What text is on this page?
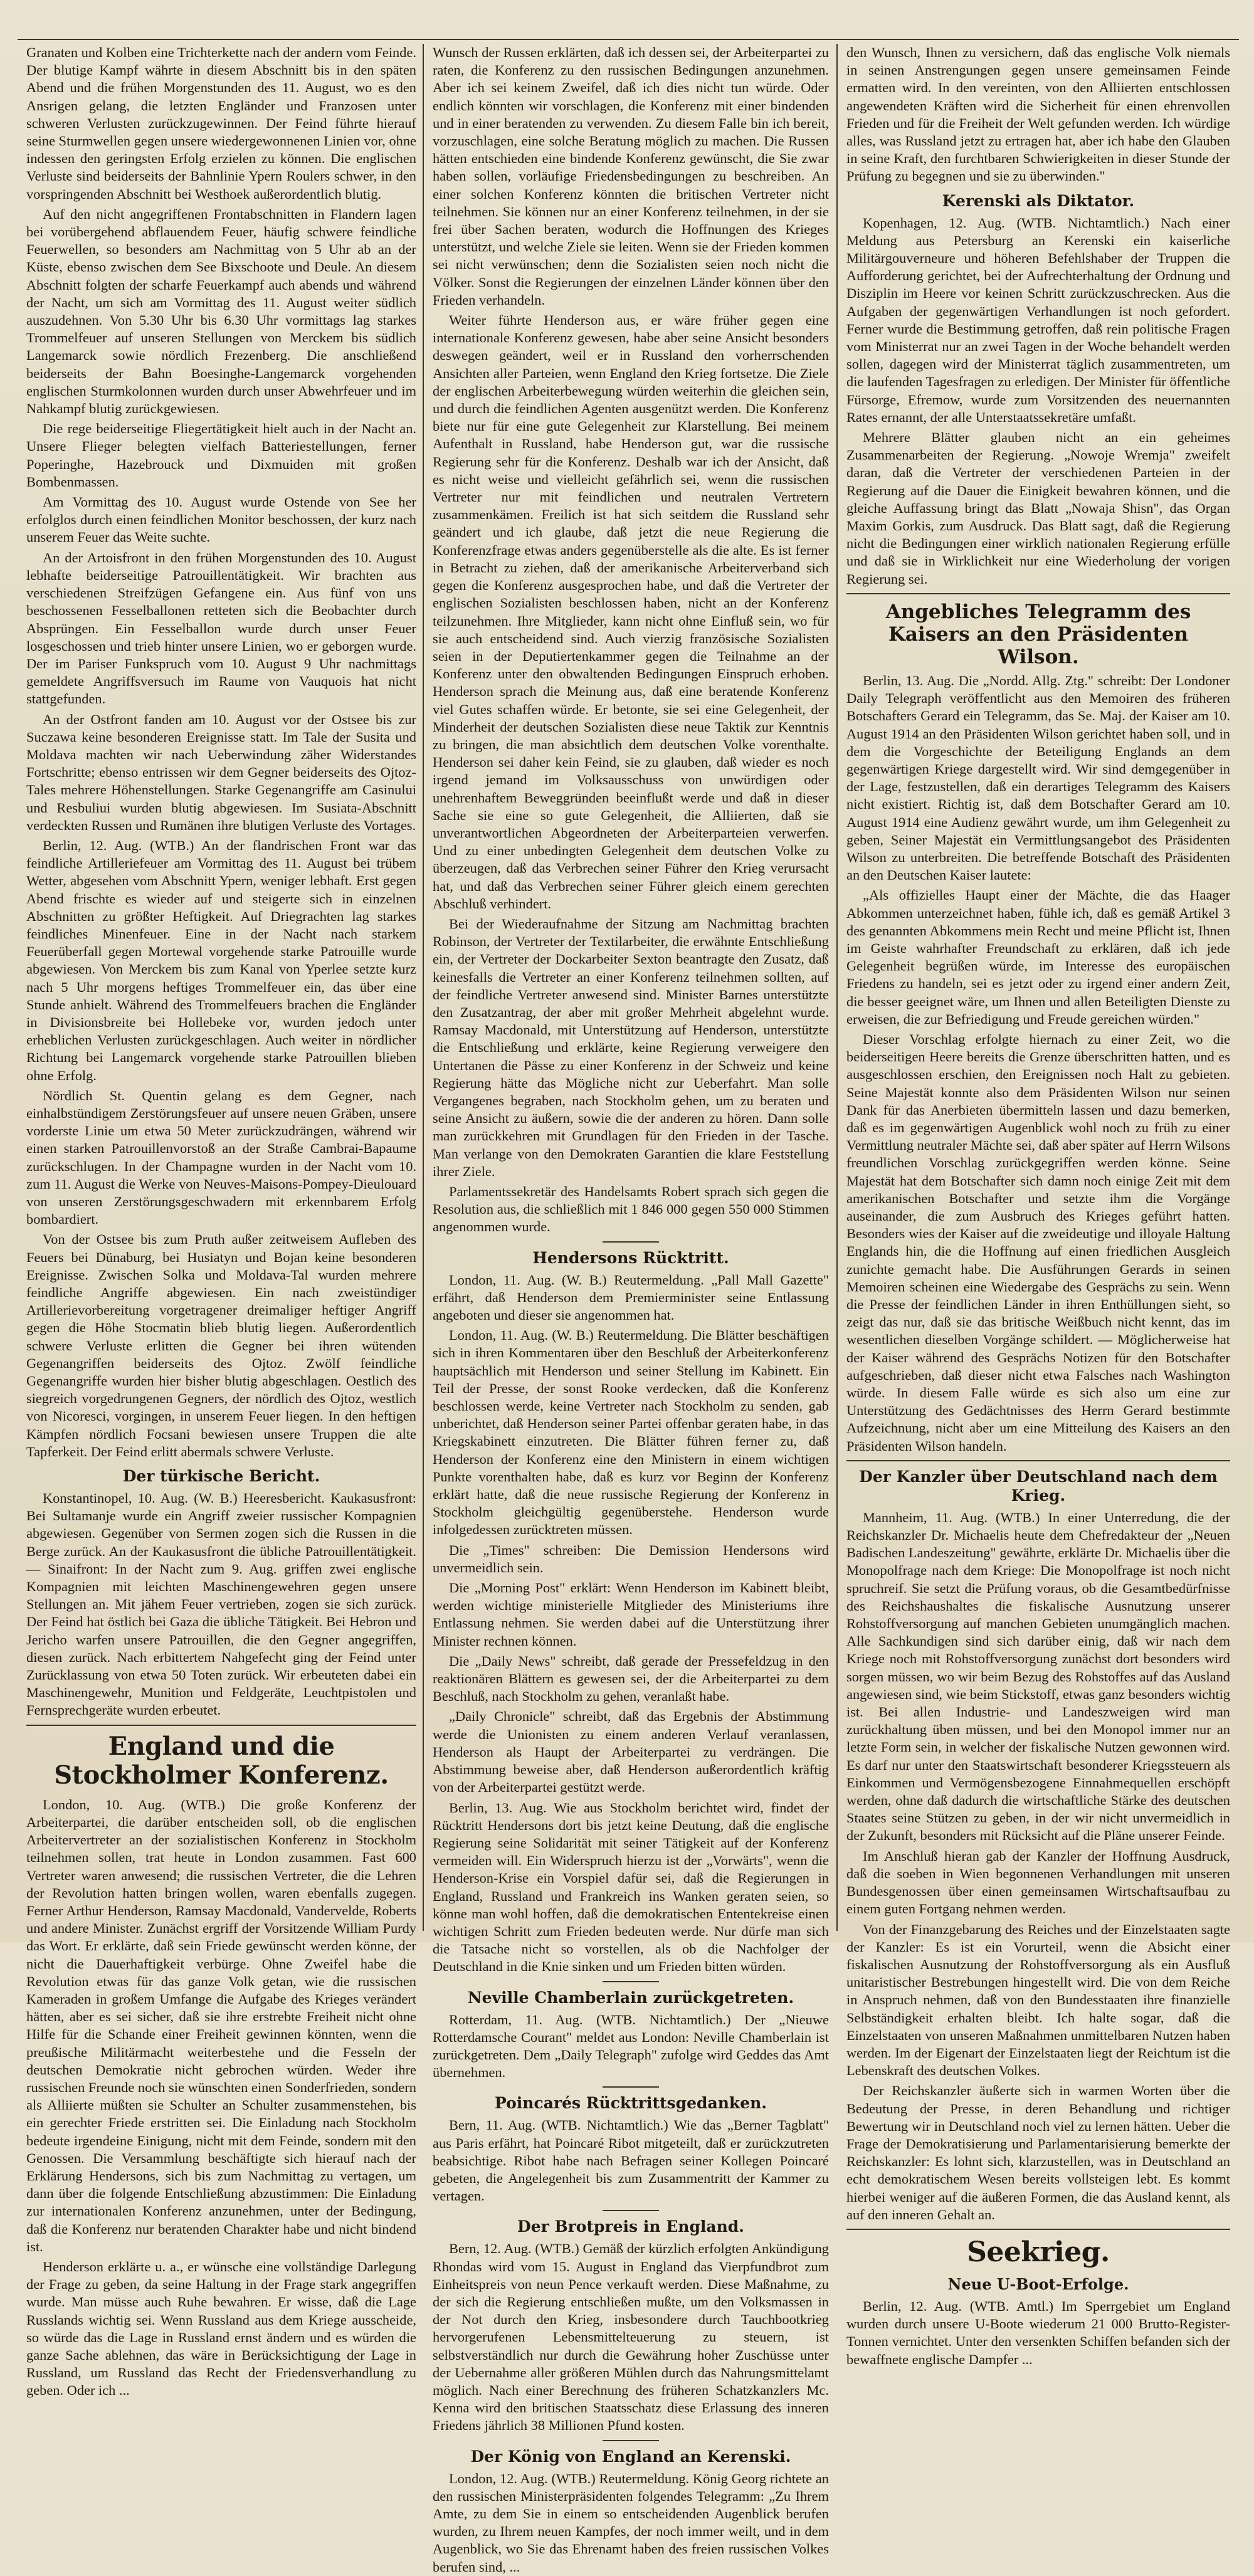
Granaten und Kolben eine Trichterkette nach der andern vom Feinde. Der blutige Kampf währte in diesem Abschnitt bis in den späten Abend und die frühen Morgenstunden des 11. August, wo es den Ansrigen gelang, die letzten Engländer und Franzosen unter schweren Verlusten zurückzugewinnen. Der Feind führte hierauf seine Sturmwellen gegen unsere wiedergewonnenen Linien vor, ohne indessen den geringsten Erfolg erzielen zu können. Die englischen Verluste sind beiderseits der Bahnlinie Ypern Roulers schwer, in den vorspringenden Abschnitt bei Westhoek außerordentlich blutig.

Auf den nicht angegriffenen Frontabschnitten in Flandern lagen bei vorübergehend abflauendem Feuer, häufig schwere feindliche Feuerwellen, so besonders am Nachmittag von 5 Uhr ab an der Küste, ebenso zwischen dem See Bixschoote und Deule. An diesem Abschnitt folgten der scharfe Feuerkampf auch abends und während der Nacht, um sich am Vormittag des 11. August weiter südlich auszudehnen. Von 5.30 Uhr bis 6.30 Uhr vormittags lag starkes Trommelfeuer auf unseren Stellungen von Merckem bis südlich Langemarck sowie nördlich Frezenberg. Die anschließend beiderseits der Bahn Boesinghe-Langemarck vorgehenden englischen Sturmkolonnen wurden durch unser Abwehrfeuer und im Nahkampf blutig zurückgewiesen.

Die rege beiderseitige Fliegertätigkeit hielt auch in der Nacht an. Unsere Flieger belegten vielfach Batteriestellungen, ferner Poperinghe, Hazebrouck und Dixmuiden mit großen Bombenmassen.

Am Vormittag des 10. August wurde Ostende von See her erfolglos durch einen feindlichen Monitor beschossen, der kurz nach unserem Feuer das Weite suchte.

An der Artoisfront in den frühen Morgenstunden des 10. August lebhafte beiderseitige Patrouillentätigkeit. Wir brachten aus verschiedenen Streifzügen Gefangene ein. Aus fünf von uns beschossenen Fesselballonen retteten sich die Beobachter durch Absprüngen. Ein Fesselballon wurde durch unser Feuer losgeschossen und trieb hinter unsere Linien, wo er geborgen wurde. Der im Pariser Funkspruch vom 10. August 9 Uhr nachmittags gemeldete Angriffsversuch im Raume von Vauquois hat nicht stattgefunden.

An der Ostfront fanden am 10. August vor der Ostsee bis zur Suczawa keine besonderen Ereignisse statt. Im Tale der Susita und Moldava machten wir nach Ueberwindung zäher Widerstandes Fortschritte; ebenso entrissen wir dem Gegner beiderseits des Ojtoz-Tales mehrere Höhenstellungen. Starke Gegenangriffe am Casinului und Resbuliui wurden blutig abgewiesen. Im Susiata-Abschnitt verdeckten Russen und Rumänen ihre blutigen Verluste des Vortages.

Berlin, 12. Aug. (WTB.) An der flandrischen Front war das feindliche Artilleriefeuer am Vormittag des 11. August bei trübem Wetter, abgesehen vom Abschnitt Ypern, weniger lebhaft. Erst gegen Abend frischte es wieder auf und steigerte sich in einzelnen Abschnitten zu größter Heftigkeit. Auf Driegrachten lag starkes feindliches Minenfeuer. Eine in der Nacht nach starkem Feuerüberfall gegen Mortewal vorgehende starke Patrouille wurde abgewiesen. Von Merckem bis zum Kanal von Yperlee setzte kurz nach 5 Uhr morgens heftiges Trommelfeuer ein, das über eine Stunde anhielt. Während des Trommelfeuers brachen die Engländer in Divisionsbreite bei Hollebeke vor, wurden jedoch unter erheblichen Verlusten zurückgeschlagen. Auch weiter in nördlicher Richtung bei Langemarck vorgehende starke Patrouillen blieben ohne Erfolg.

Nördlich St. Quentin gelang es dem Gegner, nach einhalbstündigem Zerstörungsfeuer auf unsere neuen Gräben, unsere vorderste Linie um etwa 50 Meter zurückzudrängen, während wir einen starken Patrouillenvorstoß an der Straße Cambrai-Bapaume zurückschlugen. In der Champagne wurden in der Nacht vom 10. zum 11. August die Werke von Neuves-Maisons-Pompey-Dieulouard von unseren Zerstörungsgeschwadern mit erkennbarem Erfolg bombardiert.

Von der Ostsee bis zum Pruth außer zeitweisem Aufleben des Feuers bei Dünaburg, bei Husiatyn und Bojan keine besonderen Ereignisse. Zwischen Solka und Moldava-Tal wurden mehrere feindliche Angriffe abgewiesen. Ein nach zweistündiger Artillerievorbereitung vorgetragener dreimaliger heftiger Angriff gegen die Höhe Stocmatin blieb blutig liegen. Außerordentlich schwere Verluste erlitten die Gegner bei ihren wütenden Gegenangriffen beiderseits des Ojtoz. Zwölf feindliche Gegenangriffe wurden hier bisher blutig abgeschlagen. Oestlich des siegreich vorgedrungenen Gegners, der nördlich des Ojtoz, westlich von Nicoresci, vorgingen, in unserem Feuer liegen. In den heftigen Kämpfen nördlich Focsani bewiesen unsere Truppen die alte Tapferkeit. Der Feind erlitt abermals schwere Verluste.

Der türkische Bericht.

Konstantinopel, 10. Aug. (W. B.) Heeresbericht. Kaukasusfront: Bei Sultamanje wurde ein Angriff zweier russischer Kompagnien abgewiesen. Gegenüber von Sermen zogen sich die Russen in die Berge zurück. An der Kaukasusfront die übliche Patrouillentätigkeit. — Sinaifront: In der Nacht zum 9. Aug. griffen zwei englische Kompagnien mit leichten Maschinengewehren gegen unsere Stellungen an. Mit jähem Feuer vertrieben, zogen sie sich zurück. Der Feind hat östlich bei Gaza die übliche Tätigkeit. Bei Hebron und Jericho warfen unsere Patrouillen, die den Gegner angegriffen, diesen zurück. Nach erbittertem Nahgefecht ging der Feind unter Zurücklassung von etwa 50 Toten zurück. Wir erbeuteten dabei ein Maschinengewehr, Munition und Feldgeräte, Leuchtpistolen und Fernsprechgeräte wurden erbeutet.

England und die Stockholmer Konferenz.

London, 10. Aug. (WTB.) Die große Konferenz der Arbeiterpartei, die darüber entscheiden soll, ob die englischen Arbeitervertreter an der sozialistischen Konferenz in Stockholm teilnehmen sollen, trat heute in London zusammen. Fast 600 Vertreter waren anwesend; die russischen Vertreter, die die Lehren der Revolution hatten bringen wollen, waren ebenfalls zugegen. Ferner Arthur Henderson, Ramsay Macdonald, Vandervelde, Roberts und andere Minister. Zunächst ergriff der Vorsitzende William Purdy das Wort. Er erklärte, daß sein Friede gewünscht werden könne, der nicht die Dauerhaftigkeit verbürge. Ohne Zweifel habe die Revolution etwas für das ganze Volk getan, wie die russischen Kameraden in großem Umfange die Aufgabe des Krieges verändert hätten, aber es sei sicher, daß sie ihre erstrebte Freiheit nicht ohne Hilfe für die Schande einer Freiheit gewinnen könnten, wenn die preußische Militärmacht weiterbestehe und die Fesseln der deutschen Demokratie nicht gebrochen würden. Weder ihre russischen Freunde noch sie wünschten einen Sonderfrieden, sondern als Alliierte müßten sie Schulter an Schulter zusammenstehen, bis ein gerechter Friede erstritten sei. Die Einladung nach Stockholm bedeute irgendeine Einigung, nicht mit dem Feinde, sondern mit den Genossen. Die Versammlung beschäftigte sich hierauf nach der Erklärung Hendersons, sich bis zum Nachmittag zu vertagen, um dann über die folgende Entschließung abzustimmen: Die Einladung zur internationalen Konferenz anzunehmen, unter der Bedingung, daß die Konferenz nur beratenden Charakter habe und nicht bindend ist.

Henderson erklärte u. a., er wünsche eine vollständige Darlegung der Frage zu geben, da seine Haltung in der Frage stark angegriffen wurde. Man müsse auch Ruhe bewahren. Er wisse, daß die Lage Russlands wichtig sei. Wenn Russland aus dem Kriege ausscheide, so würde das die Lage in Russland ernst ändern und es würden die ganze Sache ablehnen, das wäre in Berücksichtigung der Lage in Russland, um Russland das Recht der Friedensverhandlung zu geben. Oder ich ...

Wunsch der Russen erklärten, daß ich dessen sei, der Arbeiterpartei zu raten, die Konferenz zu den russischen Bedingungen anzunehmen. Aber ich sei keinem Zweifel, daß ich dies nicht tun würde. Oder endlich könnten wir vorschlagen, die Konferenz mit einer bindenden und in einer beratenden zu verwenden. Zu diesem Falle bin ich bereit, vorzuschlagen, eine solche Beratung möglich zu machen. Die Russen hätten entschieden eine bindende Konferenz gewünscht, die Sie zwar haben sollen, vorläufige Friedensbedingungen zu beschreiben. An einer solchen Konferenz könnten die britischen Vertreter nicht teilnehmen. Sie können nur an einer Konferenz teilnehmen, in der sie frei über Sachen beraten, wodurch die Hoffnungen des Krieges unterstützt, und welche Ziele sie leiten. Wenn sie der Frieden kommen sei nicht verwünschen; denn die Sozialisten seien noch nicht die Völker. Sonst die Regierungen der einzelnen Länder können über den Frieden verhandeln.

Weiter führte Henderson aus, er wäre früher gegen eine internationale Konferenz gewesen, habe aber seine Ansicht besonders deswegen geändert, weil er in Russland den vorherrschenden Ansichten aller Parteien, wenn England den Krieg fortsetze. Die Ziele der englischen Arbeiterbewegung würden weiterhin die gleichen sein, und durch die feindlichen Agenten ausgenützt werden. Die Konferenz biete nur für eine gute Gelegenheit zur Klarstellung. Bei meinem Aufenthalt in Russland, habe Henderson gut, war die russische Regierung sehr für die Konferenz. Deshalb war ich der Ansicht, daß es nicht weise und vielleicht gefährlich sei, wenn die russischen Vertreter nur mit feindlichen und neutralen Vertretern zusammenkämen. Freilich ist hat sich seitdem die Russland sehr geändert und ich glaube, daß jetzt die neue Regierung die Konferenzfrage etwas anders gegenüberstelle als die alte. Es ist ferner in Betracht zu ziehen, daß der amerikanische Arbeiterverband sich gegen die Konferenz ausgesprochen habe, und daß die Vertreter der englischen Sozialisten beschlossen haben, nicht an der Konferenz teilzunehmen. Ihre Mitglieder, kann nicht ohne Einfluß sein, wo für sie auch entscheidend sind. Auch vierzig französische Sozialisten seien in der Deputiertenkammer gegen die Teilnahme an der Konferenz unter den obwaltenden Bedingungen Einspruch erhoben. Henderson sprach die Meinung aus, daß eine beratende Konferenz viel Gutes schaffen würde. Er betonte, sie sei eine Gelegenheit, der Minderheit der deutschen Sozialisten diese neue Taktik zur Kenntnis zu bringen, die man absichtlich dem deutschen Volke vorenthalte. Henderson sei daher kein Feind, sie zu glauben, daß wieder es noch irgend jemand im Volksausschuss von unwürdigen oder unehrenhaftem Beweggründen beeinflußt werde und daß in dieser Sache sie eine so gute Gelegenheit, die Alliierten, daß sie unverantwortlichen Abgeordneten der Arbeiterparteien verwerfen. Und zu einer unbedingten Gelegenheit dem deutschen Volke zu überzeugen, daß das Verbrechen seiner Führer den Krieg verursacht hat, und daß das Verbrechen seiner Führer gleich einem gerechten Abschluß verhindert.

Bei der Wiederaufnahme der Sitzung am Nachmittag brachten Robinson, der Vertreter der Textilarbeiter, die erwähnte Entschließung ein, der Vertreter der Dockarbeiter Sexton beantragte den Zusatz, daß keinesfalls die Vertreter an einer Konferenz teilnehmen sollten, auf der feindliche Vertreter anwesend sind. Minister Barnes unterstützte den Zusatzantrag, der aber mit großer Mehrheit abgelehnt wurde. Ramsay Macdonald, mit Unterstützung auf Henderson, unterstützte die Entschließung und erklärte, keine Regierung verweigere den Untertanen die Pässe zu einer Konferenz in der Schweiz und keine Regierung hätte das Mögliche nicht zur Ueberfahrt. Man solle Vergangenes begraben, nach Stockholm gehen, um zu beraten und seine Ansicht zu äußern, sowie die der anderen zu hören. Dann solle man zurückkehren mit Grundlagen für den Frieden in der Tasche. Man verlange von den Demokraten Garantien die klare Feststellung ihrer Ziele.

Parlamentssekretär des Handelsamts Robert sprach sich gegen die Resolution aus, die schließlich mit 1 846 000 gegen 550 000 Stimmen angenommen wurde.

Hendersons Rücktritt.

London, 11. Aug. (W. B.) Reutermeldung. „Pall Mall Gazette" erfährt, daß Henderson dem Premierminister seine Entlassung angeboten und dieser sie angenommen hat.

London, 11. Aug. (W. B.) Reutermeldung. Die Blätter beschäftigen sich in ihren Kommentaren über den Beschluß der Arbeiterkonferenz hauptsächlich mit Henderson und seiner Stellung im Kabinett. Ein Teil der Presse, der sonst Rooke verdecken, daß die Konferenz beschlossen werde, keine Vertreter nach Stockholm zu senden, gab unberichtet, daß Henderson seiner Partei offenbar geraten habe, in das Kriegskabinett einzutreten. Die Blätter führen ferner zu, daß Henderson der Konferenz eine den Ministern in einem wichtigen Punkte vorenthalten habe, daß es kurz vor Beginn der Konferenz erklärt hatte, daß die neue russische Regierung der Konferenz in Stockholm gleichgültig gegenüberstehe. Henderson wurde infolgedessen zurücktreten müssen.

Die „Times" schreiben: Die Demission Hendersons wird unvermeidlich sein.

Die „Morning Post" erklärt: Wenn Henderson im Kabinett bleibt, werden wichtige ministerielle Mitglieder des Ministeriums ihre Entlassung nehmen. Sie werden dabei auf die Unterstützung ihrer Minister rechnen können.

Die „Daily News" schreibt, daß gerade der Pressefeldzug in den reaktionären Blättern es gewesen sei, der die Arbeiterpartei zu dem Beschluß, nach Stockholm zu gehen, veranlaßt habe.

„Daily Chronicle" schreibt, daß das Ergebnis der Abstimmung werde die Unionisten zu einem anderen Verlauf veranlassen, Henderson als Haupt der Arbeiterpartei zu verdrängen. Die Abstimmung beweise aber, daß Henderson außerordentlich kräftig von der Arbeiterpartei gestützt werde.

Berlin, 13. Aug. Wie aus Stockholm berichtet wird, findet der Rücktritt Hendersons dort bis jetzt keine Deutung, daß die englische Regierung seine Solidarität mit seiner Tätigkeit auf der Konferenz vermeiden will. Ein Widerspruch hierzu ist der „Vorwärts", wenn die Henderson-Krise ein Vorspiel dafür sei, daß die Regierungen in England, Russland und Frankreich ins Wanken geraten seien, so könne man wohl hoffen, daß die demokratischen Ententekreise einen wichtigen Schritt zum Frieden bedeuten werde. Nur dürfe man sich die Tatsache nicht so vorstellen, als ob die Nachfolger der Deutschland in die Knie sinken und um Frieden bitten würden.

Neville Chamberlain zurückgetreten.

Rotterdam, 11. Aug. (WTB. Nichtamtlich.) Der „Nieuwe Rotterdamsche Courant" meldet aus London: Neville Chamberlain ist zurückgetreten. Dem „Daily Telegraph" zufolge wird Geddes das Amt übernehmen.

Poincarés Rücktrittsgedanken.

Bern, 11. Aug. (WTB. Nichtamtlich.) Wie das „Berner Tagblatt" aus Paris erfährt, hat Poincaré Ribot mitgeteilt, daß er zurückzutreten beabsichtige. Ribot habe nach Befragen seiner Kollegen Poincaré gebeten, die Angelegenheit bis zum Zusammentritt der Kammer zu vertagen.

Der Brotpreis in England.

Bern, 12. Aug. (WTB.) Gemäß der kürzlich erfolgten Ankündigung Rhondas wird vom 15. August in England das Vierpfundbrot zum Einheitspreis von neun Pence verkauft werden. Diese Maßnahme, zu der sich die Regierung entschließen mußte, um den Volksmassen in der Not durch den Krieg, insbesondere durch Tauchbootkrieg hervorgerufenen Lebensmittelteuerung zu steuern, ist selbstverständlich nur durch die Gewährung hoher Zuschüsse unter der Uebernahme aller größeren Mühlen durch das Nahrungsmittelamt möglich. Nach einer Berechnung des früheren Schatzkanzlers Mc. Kenna wird den britischen Staatsschatz diese Erlassung des inneren Friedens jährlich 38 Millionen Pfund kosten.

Der König von England an Kerenski.

London, 12. Aug. (WTB.) Reutermeldung. König Georg richtete an den russischen Ministerpräsidenten folgendes Telegramm: „Zu Ihrem Amte, zu dem Sie in einem so entscheidenden Augenblick berufen wurden, zu Ihrem neuen Kampfes, der noch immer weilt, und in dem Augenblick, wo Sie das Ehrenamt haben des freien russischen Volkes berufen sind, ...

den Wunsch, Ihnen zu versichern, daß das englische Volk niemals in seinen Anstrengungen gegen unsere gemeinsamen Feinde ermatten wird. In den vereinten, von den Alliierten entschlossen angewendeten Kräften wird die Sicherheit für einen ehrenvollen Frieden und für die Freiheit der Welt gefunden werden. Ich würdige alles, was Russland jetzt zu ertragen hat, aber ich habe den Glauben in seine Kraft, den furchtbaren Schwierigkeiten in dieser Stunde der Prüfung zu begegnen und sie zu überwinden."

Kerenski als Diktator.

Kopenhagen, 12. Aug. (WTB. Nichtamtlich.) Nach einer Meldung aus Petersburg an Kerenski ein kaiserliche Militärgouverneure und höheren Befehlshaber der Truppen die Aufforderung gerichtet, bei der Aufrechterhaltung der Ordnung und Disziplin im Heere vor keinen Schritt zurückzuschrecken. Aus die Aufgaben der gegenwärtigen Verhandlungen ist noch gefordert. Ferner wurde die Bestimmung getroffen, daß rein politische Fragen vom Ministerrat nur an zwei Tagen in der Woche behandelt werden sollen, dagegen wird der Ministerrat täglich zusammentreten, um die laufenden Tagesfragen zu erledigen. Der Minister für öffentliche Fürsorge, Efremow, wurde zum Vorsitzenden des neuernannten Rates ernannt, der alle Unterstaatssekretäre umfaßt.

Mehrere Blätter glauben nicht an ein geheimes Zusammenarbeiten der Regierung. „Nowoje Wremja" zweifelt daran, daß die Vertreter der verschiedenen Parteien in der Regierung auf die Dauer die Einigkeit bewahren können, und die gleiche Auffassung bringt das Blatt „Nowaja Shisn", das Organ Maxim Gorkis, zum Ausdruck. Das Blatt sagt, daß die Regierung nicht die Bedingungen einer wirklich nationalen Regierung erfülle und daß sie in Wirklichkeit nur eine Wiederholung der vorigen Regierung sei.

Angebliches Telegramm des Kaisers an den Präsidenten Wilson.

Berlin, 13. Aug. Die „Nordd. Allg. Ztg." schreibt: Der Londoner Daily Telegraph veröffentlicht aus den Memoiren des früheren Botschafters Gerard ein Telegramm, das Se. Maj. der Kaiser am 10. August 1914 an den Präsidenten Wilson gerichtet haben soll, und in dem die Vorgeschichte der Beteiligung Englands an dem gegenwärtigen Kriege dargestellt wird. Wir sind demgegenüber in der Lage, festzustellen, daß ein derartiges Telegramm des Kaisers nicht existiert. Richtig ist, daß dem Botschafter Gerard am 10. August 1914 eine Audienz gewährt wurde, um ihm Gelegenheit zu geben, Seiner Majestät ein Vermittlungsangebot des Präsidenten Wilson zu unterbreiten. Die betreffende Botschaft des Präsidenten an den Deutschen Kaiser lautete:

„Als offizielles Haupt einer der Mächte, die das Haager Abkommen unterzeichnet haben, fühle ich, daß es gemäß Artikel 3 des genannten Abkommens mein Recht und meine Pflicht ist, Ihnen im Geiste wahrhafter Freundschaft zu erklären, daß ich jede Gelegenheit begrüßen würde, im Interesse des europäischen Friedens zu handeln, sei es jetzt oder zu irgend einer andern Zeit, die besser geeignet wäre, um Ihnen und allen Beteiligten Dienste zu erweisen, die zur Befriedigung und Freude gereichen würden."

Dieser Vorschlag erfolgte hiernach zu einer Zeit, wo die beiderseitigen Heere bereits die Grenze überschritten hatten, und es ausgeschlossen erschien, den Ereignissen noch Halt zu gebieten. Seine Majestät konnte also dem Präsidenten Wilson nur seinen Dank für das Anerbieten übermitteln lassen und dazu bemerken, daß es im gegenwärtigen Augenblick wohl noch zu früh zu einer Vermittlung neutraler Mächte sei, daß aber später auf Herrn Wilsons freundlichen Vorschlag zurückgegriffen werden könne. Seine Majestät hat dem Botschafter sich damn noch einige Zeit mit dem amerikanischen Botschafter und setzte ihm die Vorgänge auseinander, die zum Ausbruch des Krieges geführt hatten. Besonders wies der Kaiser auf die zweideutige und illoyale Haltung Englands hin, die die Hoffnung auf einen friedlichen Ausgleich zunichte gemacht habe. Die Ausführungen Gerards in seinen Memoiren scheinen eine Wiedergabe des Gesprächs zu sein. Wenn die Presse der feindlichen Länder in ihren Enthüllungen sieht, so zeigt das nur, daß sie das britische Weißbuch nicht kennt, das im wesentlichen dieselben Vorgänge schildert. — Möglicherweise hat der Kaiser während des Gesprächs Notizen für den Botschafter aufgeschrieben, daß dieser nicht etwa Falsches nach Washington würde. In diesem Falle würde es sich also um eine zur Unterstützung des Gedächtnisses des Herrn Gerard bestimmte Aufzeichnung, nicht aber um eine Mitteilung des Kaisers an den Präsidenten Wilson handeln.

Der Kanzler über Deutschland nach dem Krieg.

Mannheim, 11. Aug. (WTB.) In einer Unterredung, die der Reichskanzler Dr. Michaelis heute dem Chefredakteur der „Neuen Badischen Landeszeitung" gewährte, erklärte Dr. Michaelis über die Monopolfrage nach dem Kriege: Die Monopolfrage ist noch nicht spruchreif. Sie setzt die Prüfung voraus, ob die Gesamtbedürfnisse des Reichshaushaltes die fiskalische Ausnutzung unserer Rohstoffversorgung auf manchen Gebieten unumgänglich machen. Alle Sachkundigen sind sich darüber einig, daß wir nach dem Kriege noch mit Rohstoffversorgung zunächst dort besonders wird sorgen müssen, wo wir beim Bezug des Rohstoffes auf das Ausland angewiesen sind, wie beim Stickstoff, etwas ganz besonders wichtig ist. Bei allen Industrie- und Landeszweigen wird man zurückhaltung üben müssen, und bei den Monopol immer nur an letzte Form sein, in welcher der fiskalische Nutzen gewonnen wird. Es darf nur unter den Staatswirtschaft besonderer Kriegssteuern als Einkommen und Vermögensbezogene Einnahmequellen erschöpft werden, ohne daß dadurch die wirtschaftliche Stärke des deutschen Staates seine Stützen zu geben, in der wir nicht unvermeidlich in der Zukunft, besonders mit Rücksicht auf die Pläne unserer Feinde.

Im Anschluß hieran gab der Kanzler der Hoffnung Ausdruck, daß die soeben in Wien begonnenen Verhandlungen mit unseren Bundesgenossen über einen gemeinsamen Wirtschaftsaufbau zu einem guten Fortgang nehmen werden.

Von der Finanzgebarung des Reiches und der Einzelstaaten sagte der Kanzler: Es ist ein Vorurteil, wenn die Absicht einer fiskalischen Ausnutzung der Rohstoffversorgung als ein Ausfluß unitaristischer Bestrebungen hingestellt wird. Die von dem Reiche in Anspruch nehmen, daß von den Bundesstaaten ihre finanzielle Selbständigkeit erhalten bleibt. Ich halte sogar, daß die Einzelstaaten von unseren Maßnahmen unmittelbaren Nutzen haben werden. Im der Eigenart der Einzelstaaten liegt der Reichtum ist die Lebenskraft des deutschen Volkes.

Der Reichskanzler äußerte sich in warmen Worten über die Bedeutung der Presse, in deren Behandlung und richtiger Bewertung wir in Deutschland noch viel zu lernen hätten. Ueber die Frage der Demokratisierung und Parlamentarisierung bemerkte der Reichskanzler: Es lohnt sich, klarzustellen, was in Deutschland an echt demokratischem Wesen bereits vollsteigen lebt. Es kommt hierbei weniger auf die äußeren Formen, die das Ausland kennt, als auf den inneren Gehalt an.

Seekrieg.
Neue U-Boot-Erfolge.

Berlin, 12. Aug. (WTB. Amtl.) Im Sperrgebiet um England wurden durch unsere U-Boote wiederum 21 000 Brutto-Register-Tonnen vernichtet. Unter den versenkten Schiffen befanden sich der bewaffnete englische Dampfer ...
